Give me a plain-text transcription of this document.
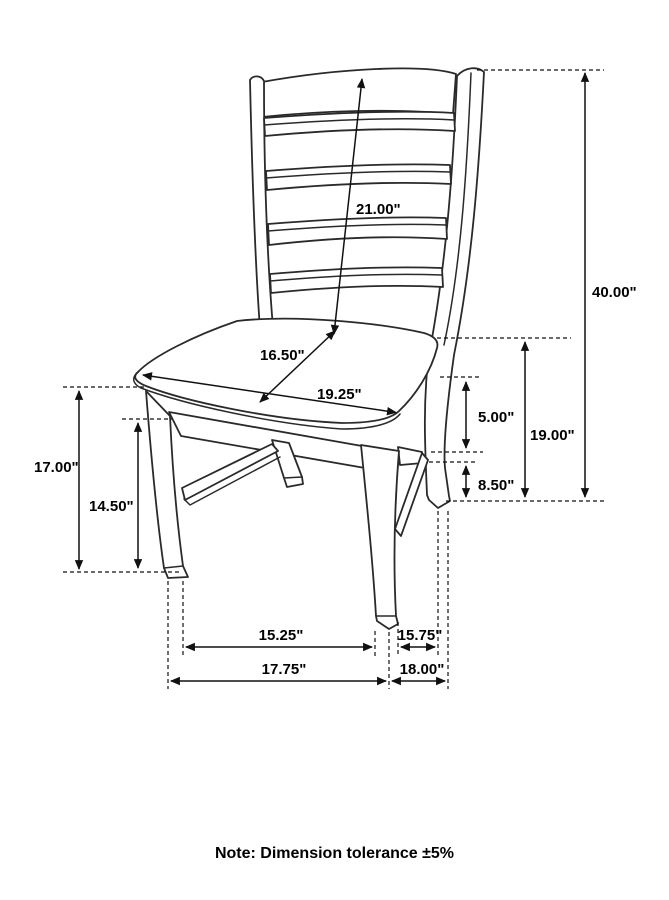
21.00"
40.00"
19.00"
5.00"
8.50"
17.00"
14.50"
16.50"
19.25"
15.25"	15.75"
17.75"	18.00"
Note: Dimension tolerance ±5%
